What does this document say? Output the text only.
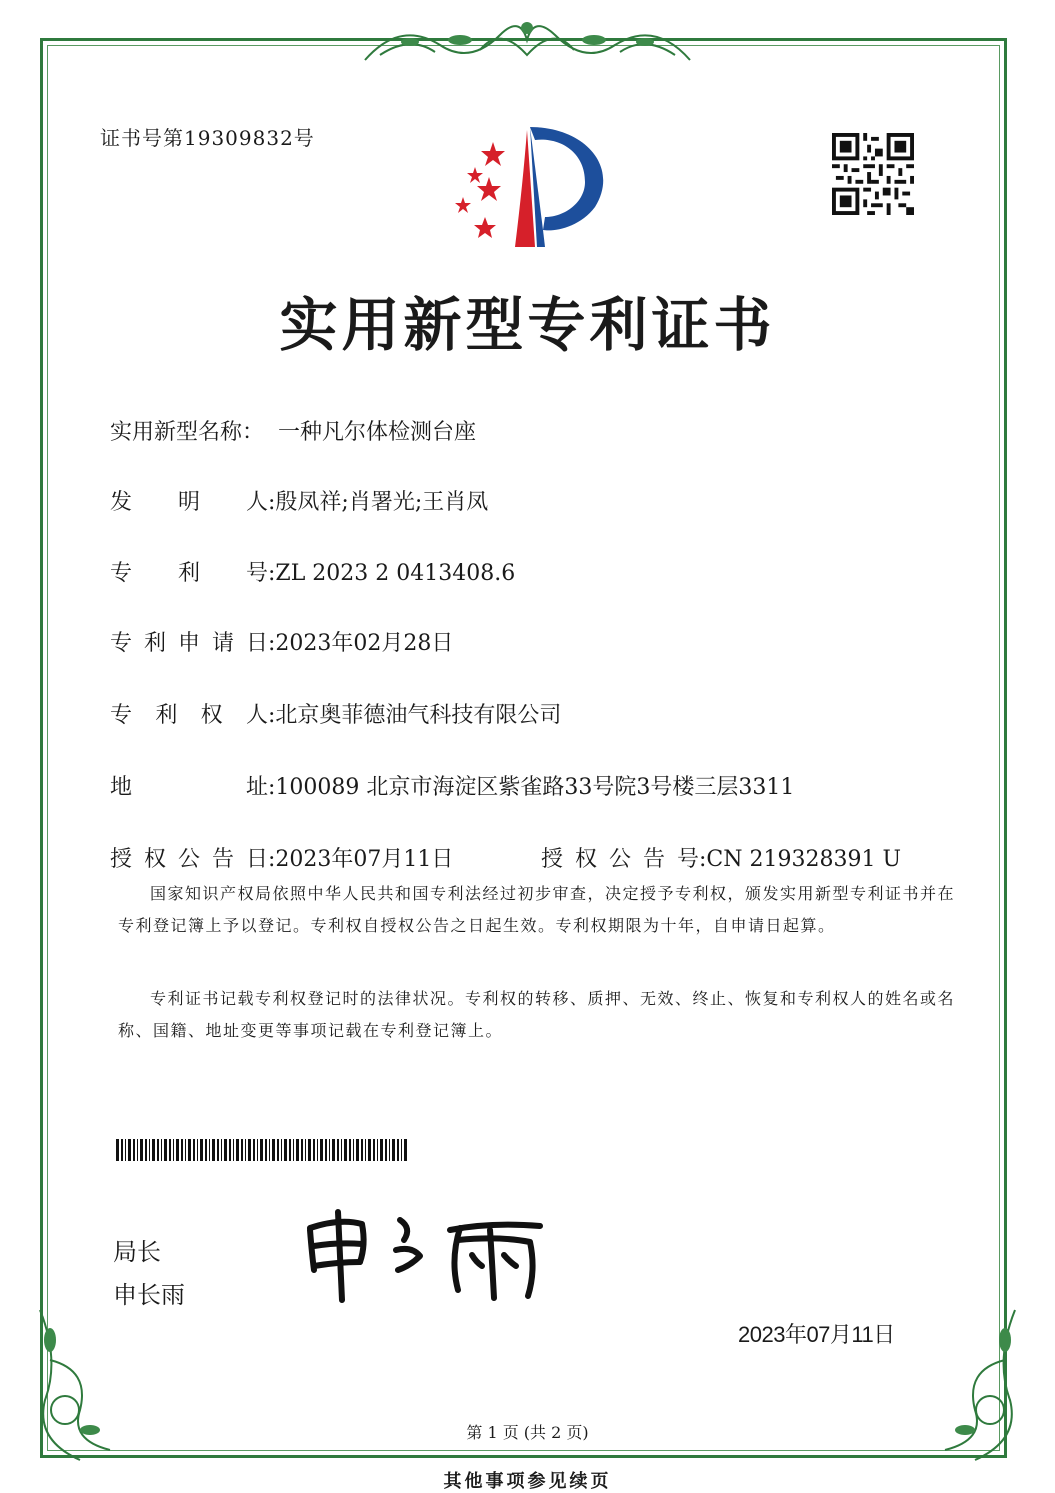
证书号第19309832号
实用新型专利证书

实用新型名称： 一种凡尔体检测台座

发 明 人 :殷凤祥;肖署光;王肖凤

专 利 号 :ZL 2023 2 0413408.6

专 利 申 请 日 :2023年02月28日

专 利 权 人 :北京奥菲德油气科技有限公司

地	址 :100089 北京市海淀区紫雀路33号院3号楼三层3311

授 权 公 告 日 :2023年07月11日

	授 权 公 告 号 :CN 219328391 U

国家知识产权局依照中华人民共和国专利法经过初步审查，决定授予专利权，颁发实用新型专利证书并在专利登记簿上予以登记。专利权自授权公告之日起生效。专利权期限为十年，自申请日起算。
专利证书记载专利权登记时的法律状况。专利权的转移、质押、无效、终止、恢复和专利权人的姓名或名称、国籍、地址变更等事项记载在专利登记簿上。
局长
申长雨
2023年07月11日
第 1 页 (共 2 页)
其他事项参见续页
